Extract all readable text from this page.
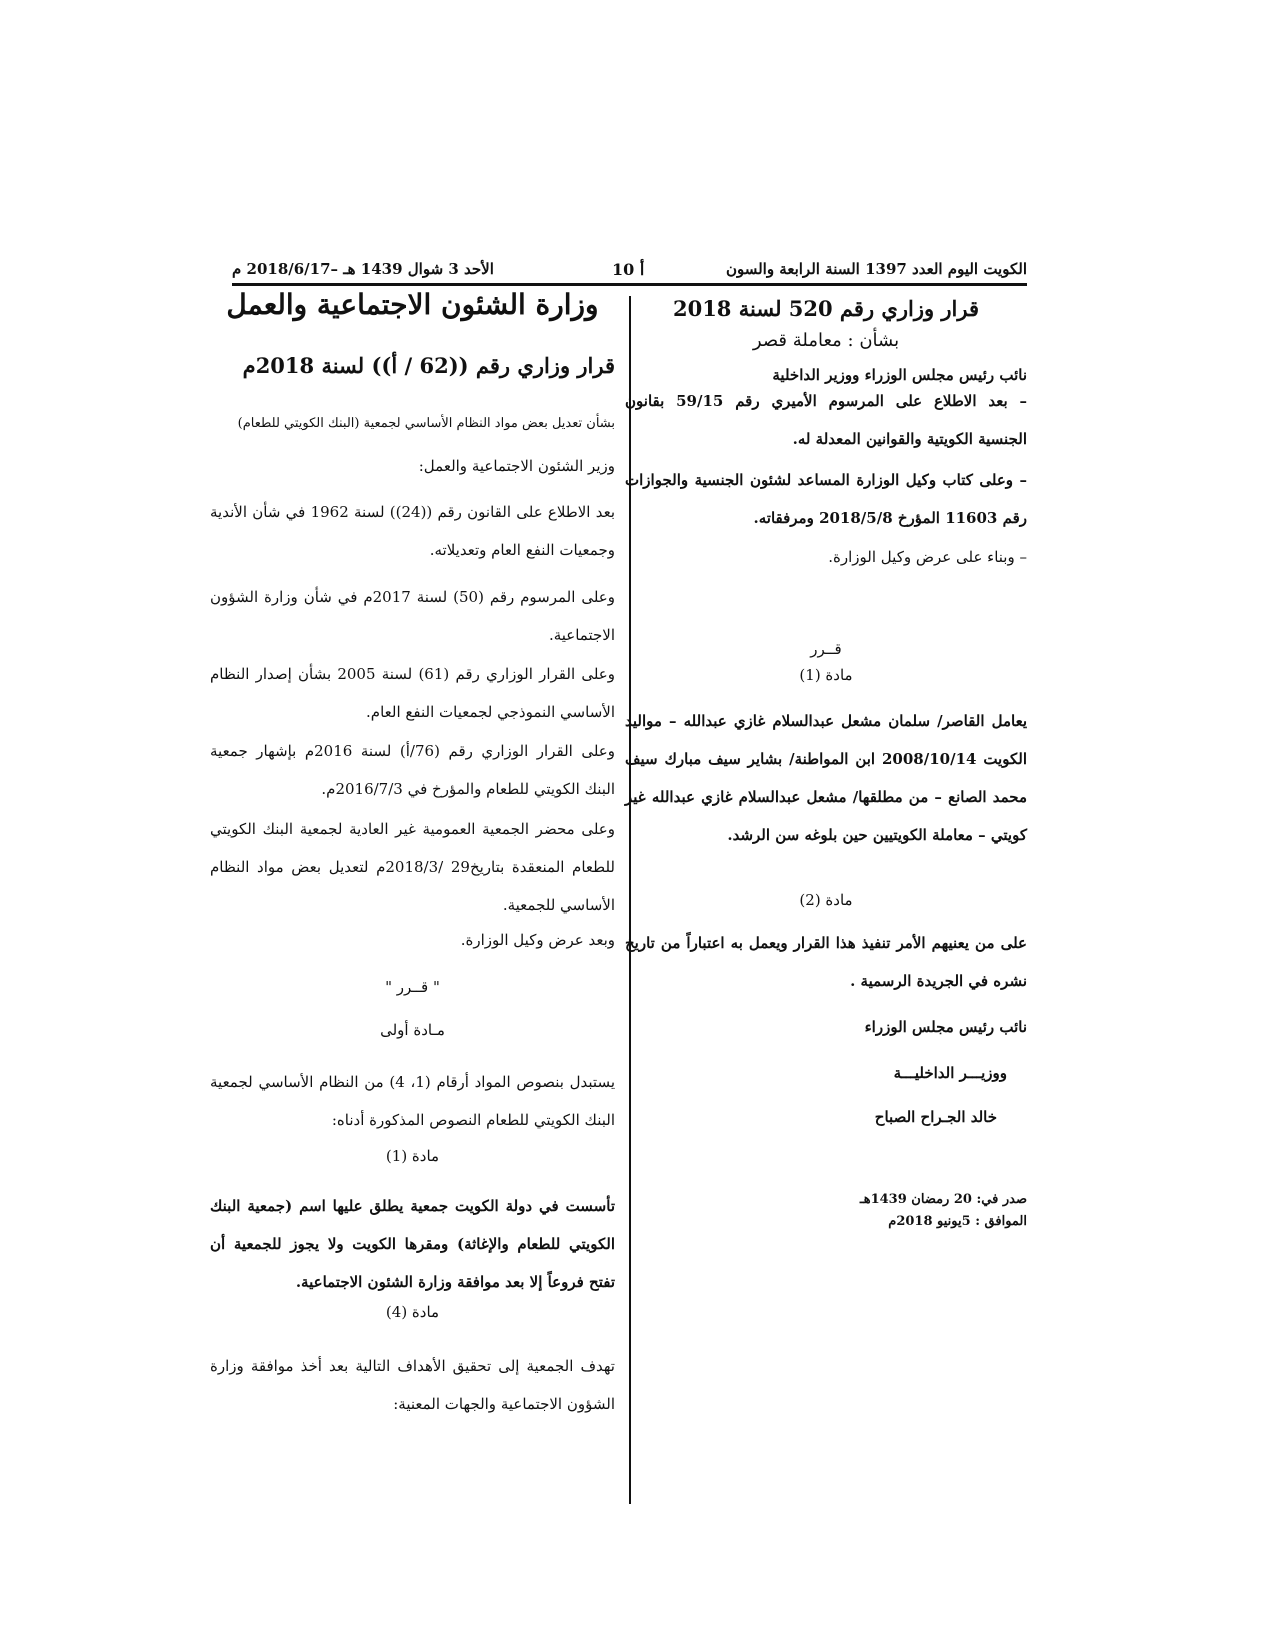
الكويت اليوم العدد 1397 السنة الرابعة والسون
أ 10
الأحد 3 شوال 1439 هـ –2018/6/17 م
قرار وزاري رقم 520 لسنة 2018
بشأن : معاملة قصر
نائب رئيس مجلس الوزراء ووزير الداخلية
– بعد الاطلاع على المرسوم الأميري رقم 59/15 بقانون الجنسية الكويتية والقوانين المعدلة له.
– وعلى كتاب وكيل الوزارة المساعد لشئون الجنسية والجوازات رقم 11603 المؤرخ 2018/5/8 ومرفقاته.
– وبناء على عرض وكيل الوزارة.
قــرر
مادة (1)
يعامل القاصر/ سلمان مشعل عبدالسلام غازي عبدالله – مواليد الكويت 2008/10/14 ابن المواطنة/ بشاير سيف مبارك سيف محمد الصانع – من مطلقها/ مشعل عبدالسلام غازي عبدالله غير كويتي – معاملة الكويتيين حين بلوغه سن الرشد.
مادة (2)
على من يعنيهم الأمر تنفيذ هذا القرار ويعمل به اعتباراً من تاريخ نشره في الجريدة الرسمية .
نائب رئيس مجلس الوزراء
ووزيـــر الداخليـــة
خالد الجـراح الصباح
صدر في: 20 رمضان 1439هـ
الموافق : 5يونيو 2018م
وزارة الشئون الاجتماعية والعمل
قرار وزاري رقم ((62 / أ)) لسنة 2018م
بشأن تعديل بعض مواد النظام الأساسي لجمعية (البنك الكويتي للطعام)
وزير الشئون الاجتماعية والعمل:
بعد الاطلاع على القانون رقم ((24)) لسنة 1962 في شأن الأندية وجمعيات النفع العام وتعديلاته.
وعلى المرسوم رقم (50) لسنة 2017م في شأن وزارة الشؤون الاجتماعية.
وعلى القرار الوزاري رقم (61) لسنة 2005 بشأن إصدار النظام الأساسي النموذجي لجمعيات النفع العام.
وعلى القرار الوزاري رقم (76/أ) لسنة 2016م بإشهار جمعية البنك الكويتي للطعام والمؤرخ في 2016/7/3م.
وعلى محضر الجمعية العمومية غير العادية لجمعية البنك الكويتي للطعام المنعقدة بتاريخ29 /2018/3م لتعديل بعض مواد النظام الأساسي للجمعية.
وبعد عرض وكيل الوزارة.
" قــرر "
مـادة أولى
يستبدل بنصوص المواد أرقام (1، 4) من النظام الأساسي لجمعية البنك الكويتي للطعام النصوص المذكورة أدناه:
مادة (1)
تأسست في دولة الكويت جمعية يطلق عليها اسم (جمعية البنك الكويتي للطعام والإغاثة) ومقرها الكويت ولا يجوز للجمعية أن تفتح فروعاً إلا بعد موافقة وزارة الشئون الاجتماعية.
مادة (4)
تهدف الجمعية إلى تحقيق الأهداف التالية بعد أخذ موافقة وزارة الشؤون الاجتماعية والجهات المعنية:
